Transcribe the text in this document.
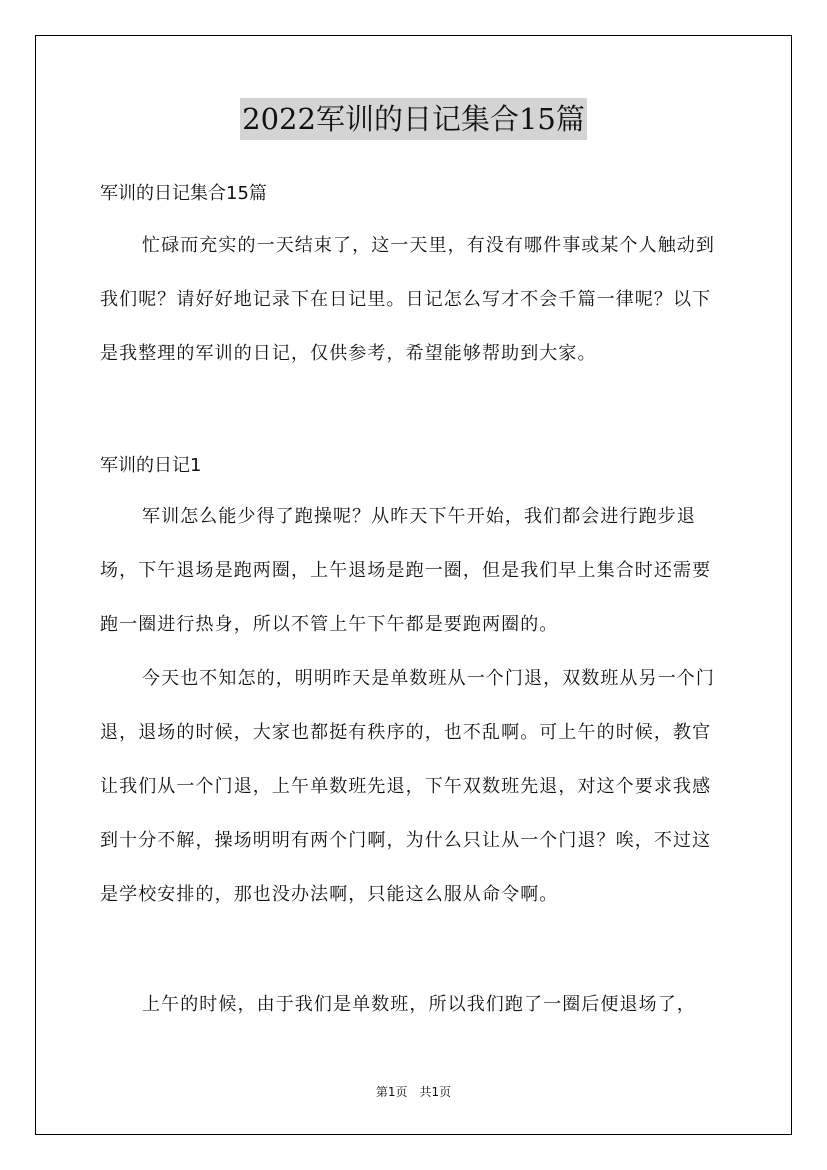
2022军训的日记集合15篇
军训的日记集合15篇
忙碌而充实的一天结束了，这一天里，有没有哪件事或某个人触动到我们呢？请好好地记录下在日记里。日记怎么写才不会千篇一律呢？以下是我整理的军训的日记，仅供参考，希望能够帮助到大家。
军训的日记1
军训怎么能少得了跑操呢？从昨天下午开始，我们都会进行跑步退场，下午退场是跑两圈，上午退场是跑一圈，但是我们早上集合时还需要跑一圈进行热身，所以不管上午下午都是要跑两圈的。
今天也不知怎的，明明昨天是单数班从一个门退，双数班从另一个门退，退场的时候，大家也都挺有秩序的，也不乱啊。可上午的时候，教官让我们从一个门退，上午单数班先退，下午双数班先退，对这个要求我感到十分不解，操场明明有两个门啊，为什么只让从一个门退？唉，不过这是学校安排的，那也没办法啊，只能这么服从命令啊。
上午的时候，由于我们是单数班，所以我们跑了一圈后便退场了，
第1页　共1页
